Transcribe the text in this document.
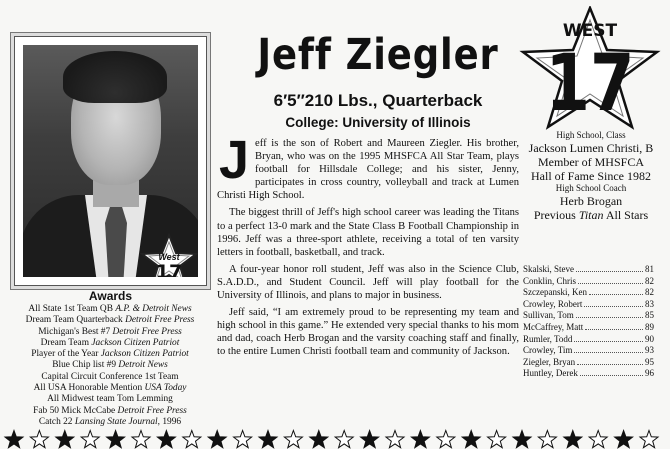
West
17
Awards
All State 1st Team QB A.P. & Detroit News
Dream Team Quarterback Detroit Free Press
Michigan's Best #7 Detroit Free Press
Dream Team Jackson Citizen Patriot
Player of the Year Jackson Citizen Patriot
Blue Chip list #9 Detroit News
Capital Circuit Conference 1st Team
All USA Honorable Mention USA Today
All Midwest team Tom Lemming
Fab 50 Mick McCabe Detroit Free Press
Catch 22 Lansing State Journal, 1996
Jeff Ziegler
6′5″210 Lbs., Quarterback
College: University of Illinois

Jeff is the son of Robert and Maureen Ziegler. His brother, Bryan, who was on the 1995 MHSFCA All Star Team, plays football for Hillsdale College; and his sister, Jenny, participates in cross country, volleyball and track at Lumen Christi High School.

The biggest thrill of Jeff's high school career was leading the Titans to a perfect 13-0 mark and the State Class B Football Championship in 1996. Jeff was a three-sport athlete, receiving a total of ten varsity letters in football, basketball, and track.

A four-year honor roll student, Jeff was also in the Science Club, S.A.D.D., and Student Council. Jeff will play football for the University of Illinois, and plans to major in business.

Jeff said, “I am extremely proud to be representing my team and high school in this game.” He extended very special thanks to his mom and dad, coach Herb Brogan and the varsity coaching staff and finally, to the entire Lumen Christi football team and community of Jackson.

WEST
17
High School, Class
Jackson Lumen Christi, B
Member of MHSFCA
Hall of Fame Since 1982
High School Coach
Herb Brogan
Previous Titan All Stars
Skalski, Steve	81
Conklin, Chris	82
Szczepanski, Ken	82
Crowley, Robert	83
Sullivan, Tom	85
McCaffrey, Matt	89
Rumler, Todd	90
Crowley, Tim	93
Ziegler, Bryan	95
Huntley, Derek	96
